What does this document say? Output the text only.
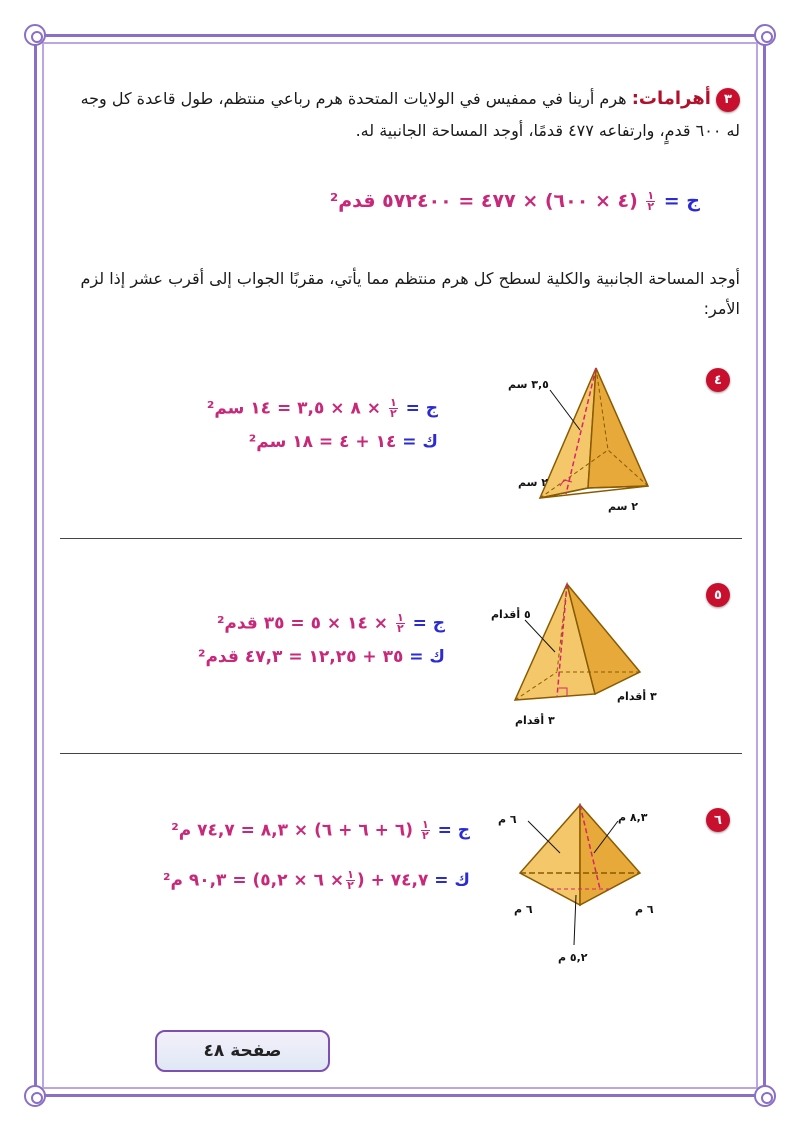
٣ أهرامات: هرم أرينا في ممفيس في الولايات المتحدة هرم رباعي منتظم، طول قاعدة كل وجه له ٦٠٠ قدمٍ، وارتفاعه ٤٧٧ قدمًا، أوجد المساحة الجانبية له.
ج =
$\frac{١}{٢}$
(٤ × ٦٠٠) × ٤٧٧ = ٥٧٢٤٠٠ قدم²
أوجد المساحة الجانبية والكلية لسطح كل هرم منتظم مما يأتي، مقربًا الجواب إلى أقرب عشر إذا لزم الأمر:
٤
٣,٥ سم
٢ سم
٢ سم
ج =
$\frac{١}{٢}$
× ٨ × ٣,٥ = ١٤ سم²
ك = ١٤ + ٤ = ١٨ سم²
٥
٥ أقدام
٣ أقدام
٣ أقدام
ج =
$\frac{١}{٢}$
× ١٤ × ٥ = ٣٥ قدم²
ك = ٣٥ + ١٢,٢٥ = ٤٧,٣ قدم²
٦
٦ م	٨,٣ م
٦ م	٦ م
٥,٢ م
ج =
$\frac{١}{٢}$
(٦ + ٦ + ٦) × ٨,٣ = ٧٤,٧ م²
ك = ٧٤,٧ + (
$\frac{١}{٢}$
× ٦ × ٥,٢) = ٩٠,٣ م²
صفحة ٤٨
